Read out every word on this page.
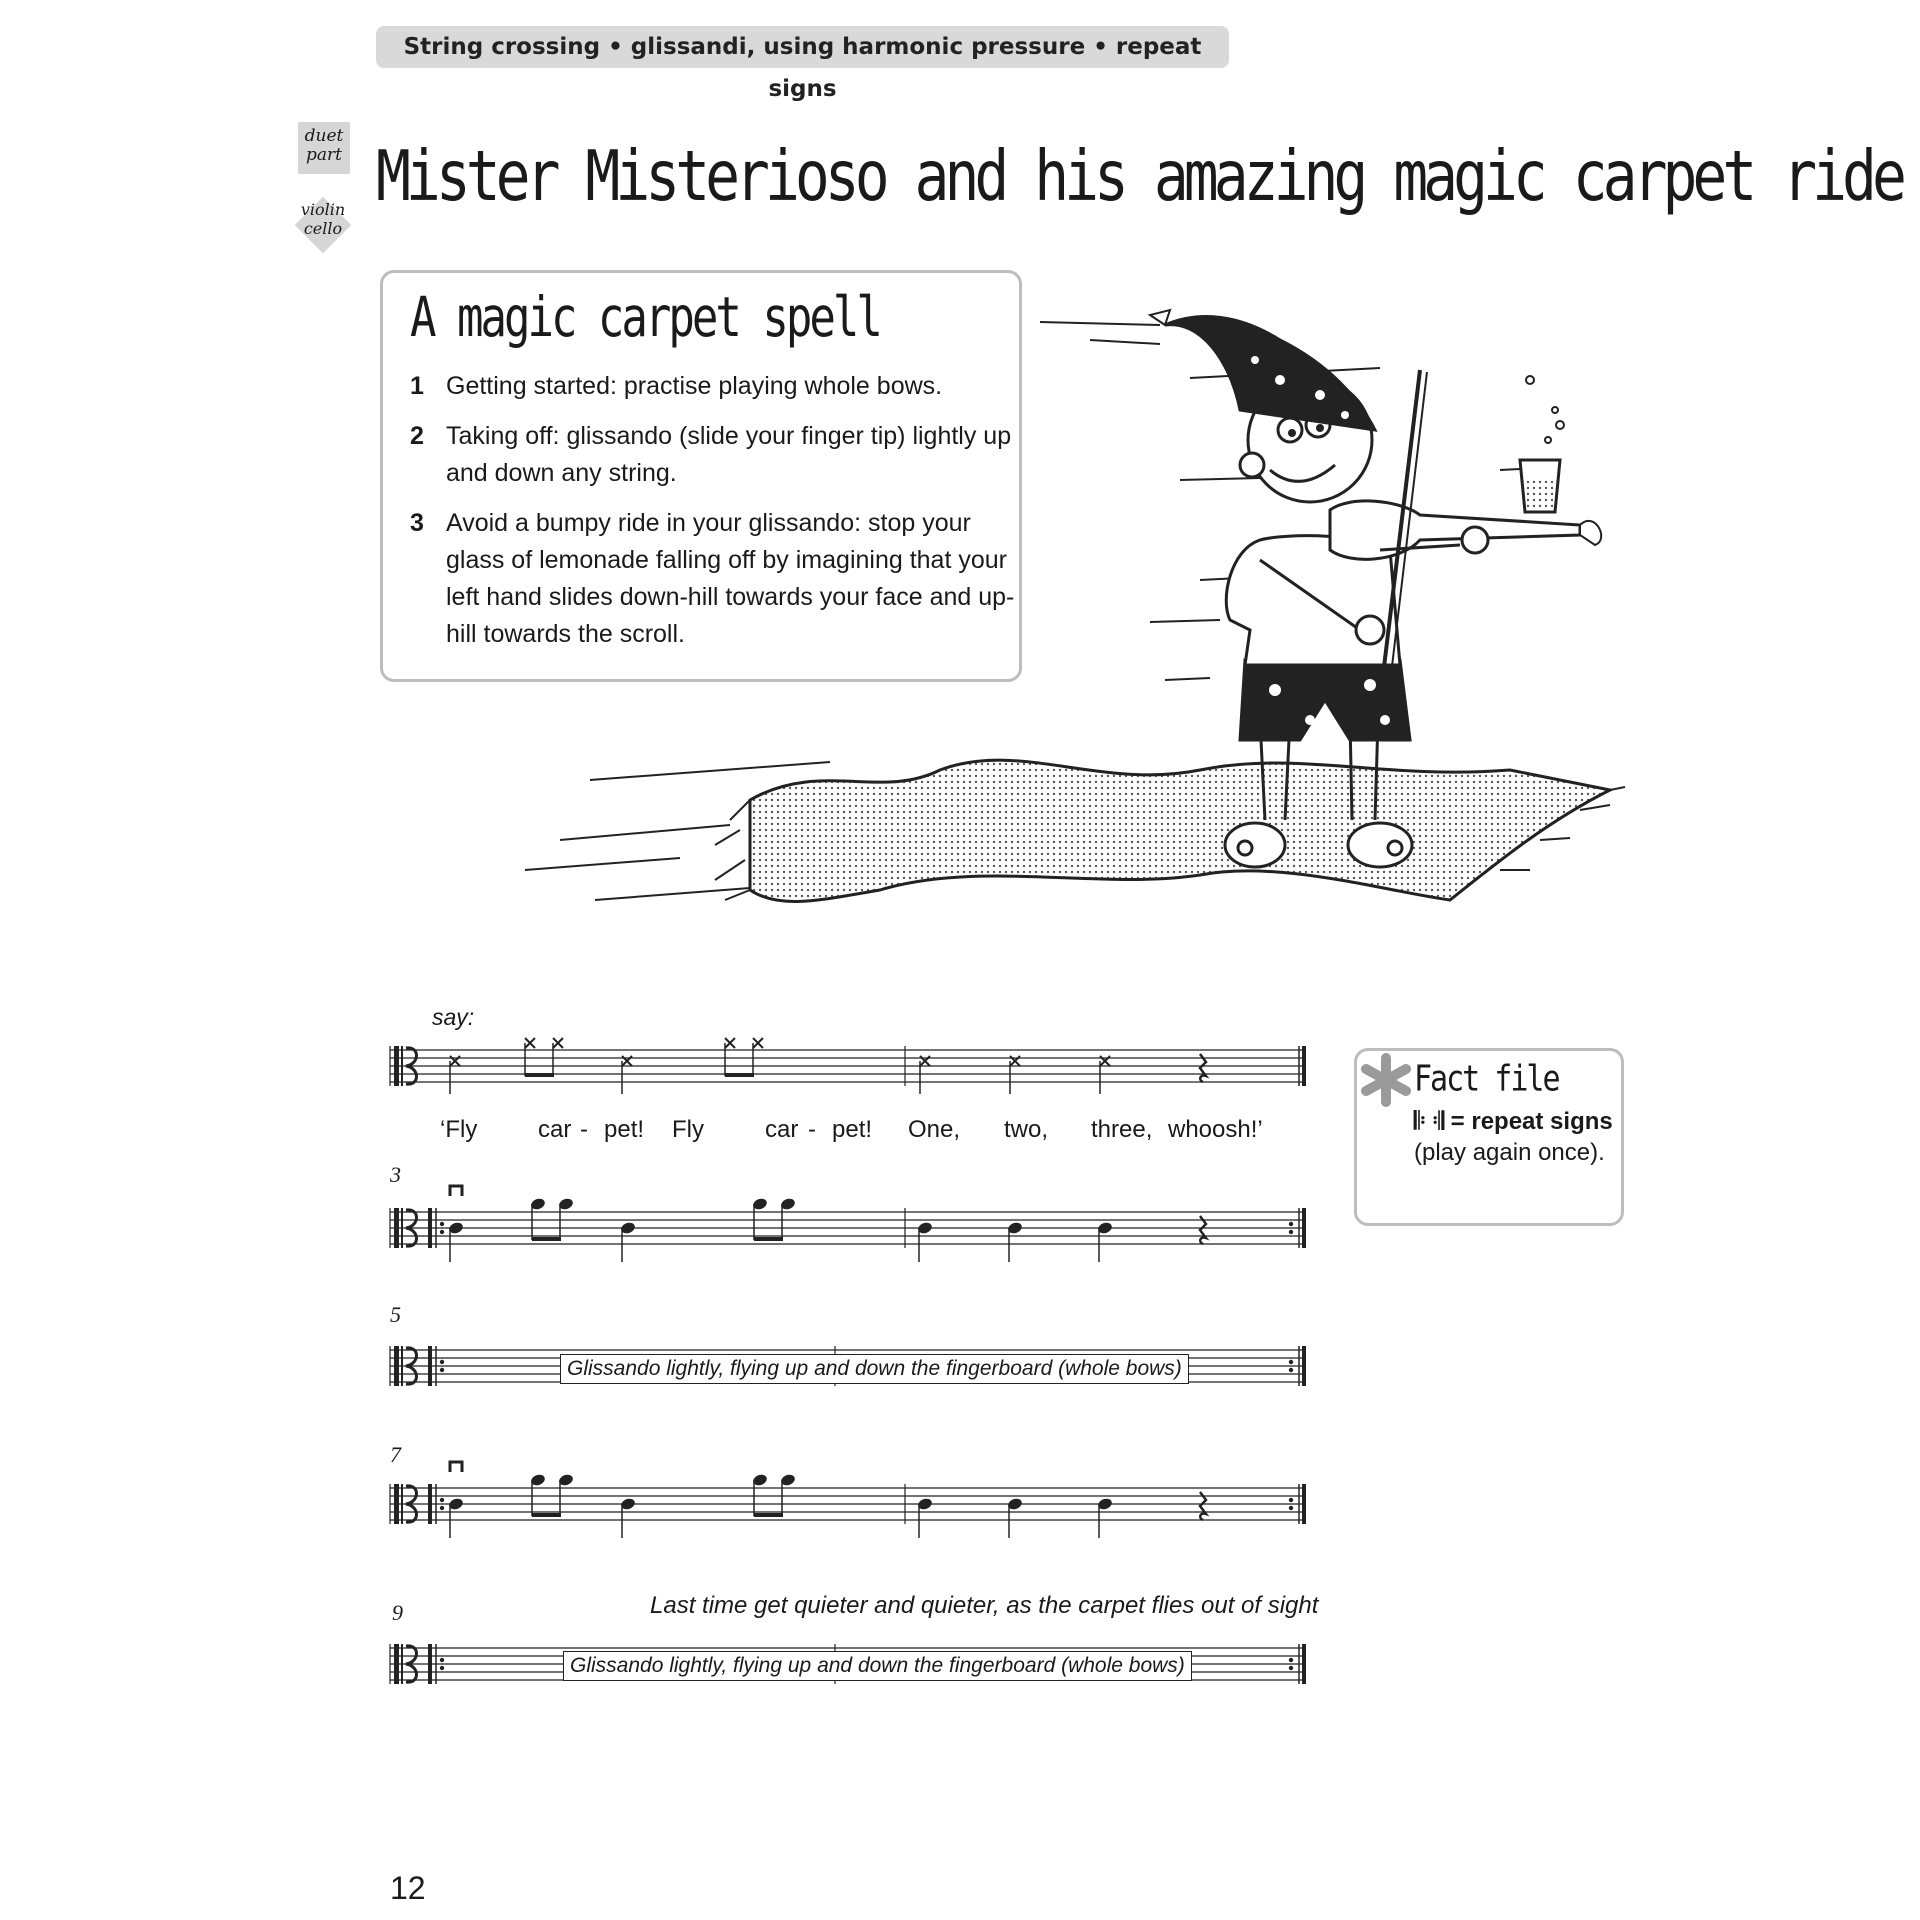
String crossing • glissandi, using harmonic pressure • repeat signs
duet part
violin cello
Mister Misterioso and his amazing magic carpet ride
A magic carpet spell
1 Getting started: practise playing whole bows.
2 Taking off: glissando (slide your finger tip) lightly up and down any string.
3 Avoid a bumpy ride in your glissando: stop your glass of lemonade falling off by imagining that your left hand slides down-hill towards your face and up-hill towards the scroll.
say:
‘Fly	car - pet! Fly	car - pet! One, two, three, whoosh!’
3
5
7
9
Glissando lightly, flying up and down the fingerboard (whole bows)
Glissando lightly, flying up and down the fingerboard (whole bows)
Last time get quieter and quieter, as the carpet flies out of sight
Fact file
𝄆 𝄇 = repeat signs (play again once).
12
